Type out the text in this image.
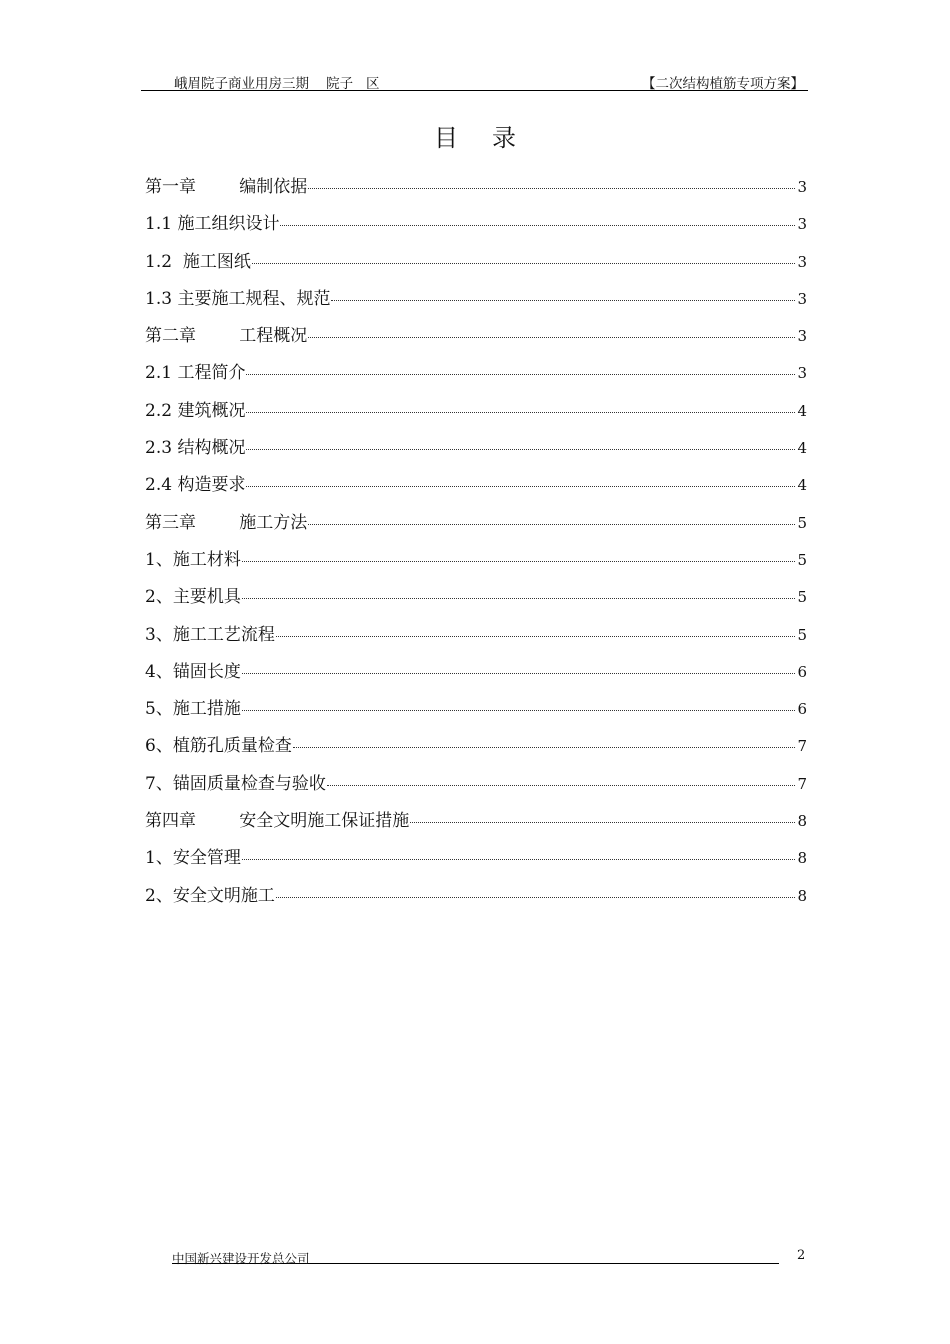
峨眉院子商业用房三期    院子   区	【二次结构植筋专项方案】
目录
第一章        编制依据	3
1.1 施工组织设计	3
1.2  施工图纸	3
1.3 主要施工规程、规范	3
第二章        工程概况	3
2.1 工程简介	3
2.2 建筑概况	4
2.3 结构概况	4
2.4 构造要求	4
第三章        施工方法	5
1、施工材料	5
2、主要机具	5
3、施工工艺流程	5
4、锚固长度	6
5、施工措施	6
6、植筋孔质量检查	7
7、锚固质量检查与验收	7
第四章        安全文明施工保证措施	8
1、安全管理	8
2、安全文明施工	8
中国新兴建设开发总公司	2
